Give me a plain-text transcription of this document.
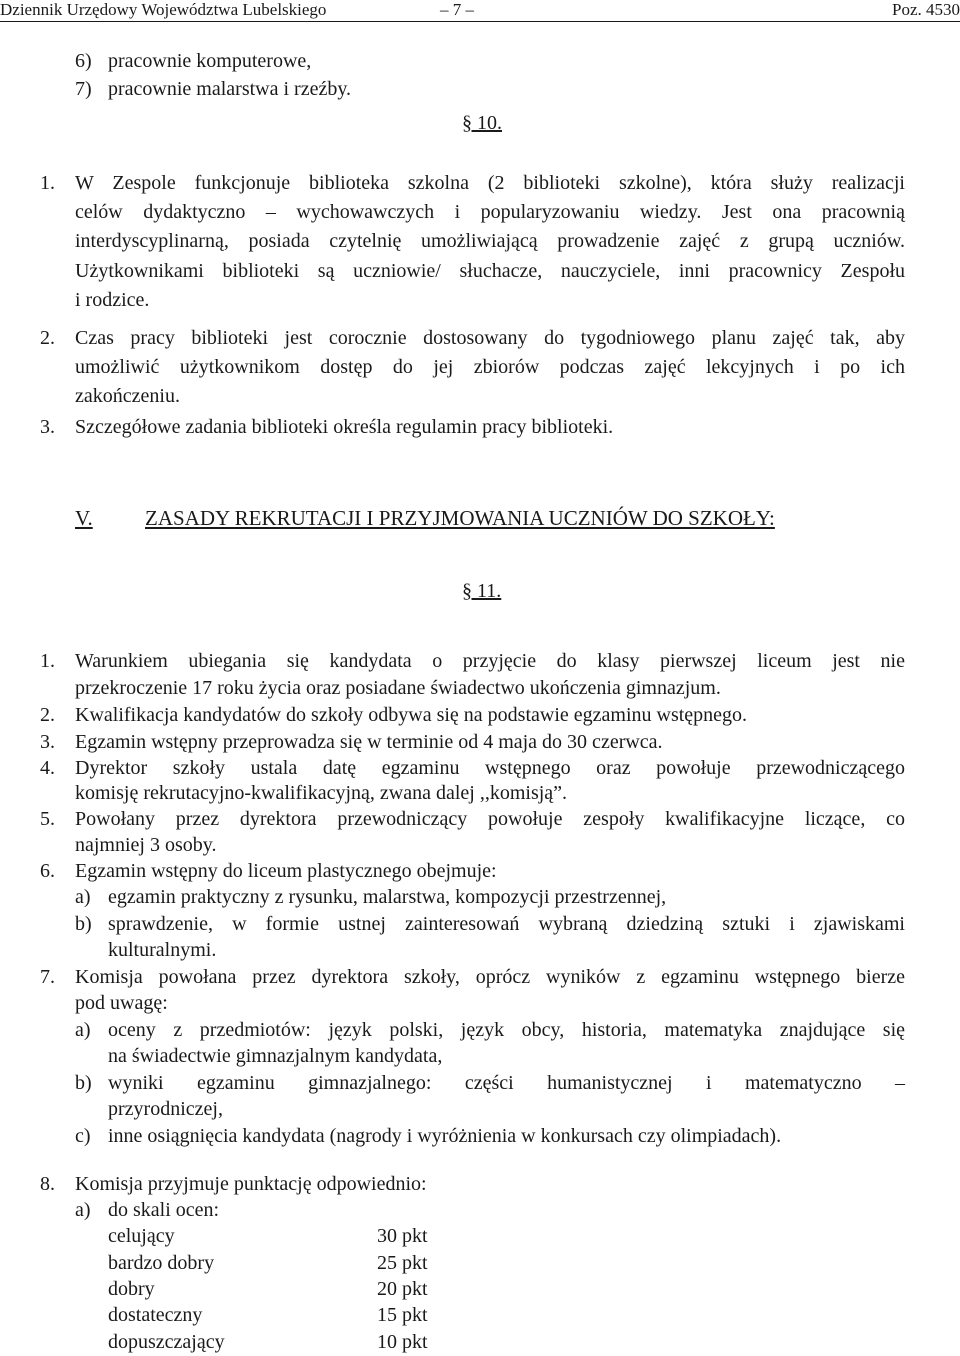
Dziennik Urzędowy Województwa Lubelskiego	– 7 –	Poz. 4530
6) pracownie komputerowe,
7) pracownie malarstwa i rzeźby.
§ 10.
1. W Zespole funkcjonuje biblioteka szkolna (2 biblioteki szkolne), która służy realizacji
celów dydaktyczno – wychowawczych i popularyzowaniu wiedzy. Jest ona pracownią
interdyscyplinarną, posiada czytelnię umożliwiającą prowadzenie zajęć z grupą uczniów.
Użytkownikami biblioteki są uczniowie/ słuchacze, nauczyciele, inni pracownicy Zespołu
i rodzice.
2. Czas pracy biblioteki jest corocznie dostosowany do tygodniowego planu zajęć tak, aby
umożliwić użytkownikom dostęp do jej zbiorów podczas zajęć lekcyjnych i po ich
zakończeniu.
3. Szczegółowe zadania biblioteki określa regulamin pracy biblioteki.
V. ZASADY REKRUTACJI I PRZYJMOWANIA UCZNIÓW DO SZKOŁY:
§ 11.
1. Warunkiem ubiegania się kandydata o przyjęcie do klasy pierwszej liceum jest nie
przekroczenie 17 roku życia oraz posiadane świadectwo ukończenia gimnazjum.
2. Kwalifikacja kandydatów do szkoły odbywa się na podstawie egzaminu wstępnego.
3. Egzamin wstępny przeprowadza się w terminie od 4 maja do 30 czerwca.
4. Dyrektor szkoły ustala datę egzaminu wstępnego oraz powołuje przewodniczącego
komisję rekrutacyjno-kwalifikacyjną, zwana dalej ,,komisją”.
5. Powołany przez dyrektora przewodniczący powołuje zespoły kwalifikacyjne liczące, co
najmniej 3 osoby.
6. Egzamin wstępny do liceum plastycznego obejmuje:
a) egzamin praktyczny z rysunku, malarstwa, kompozycji przestrzennej,
b) sprawdzenie, w formie ustnej zainteresowań wybraną dziedziną sztuki i zjawiskami
kulturalnymi.
7. Komisja powołana przez dyrektora szkoły, oprócz wyników z egzaminu wstępnego bierze
pod uwagę:
a) oceny z przedmiotów: język polski, język obcy, historia, matematyka znajdujące się
na świadectwie gimnazjalnym kandydata,
b) wyniki egzaminu gimnazjalnego: części humanistycznej i matematyczno –
przyrodniczej,
c) inne osiągnięcia kandydata (nagrody i wyróżnienia w konkursach czy olimpiadach).
8. Komisja przyjmuje punktację odpowiednio:
a) do skali ocen:
celujący	30 pkt
bardzo dobry	25 pkt
dobry	20 pkt
dostateczny	15 pkt
dopuszczający	10 pkt
